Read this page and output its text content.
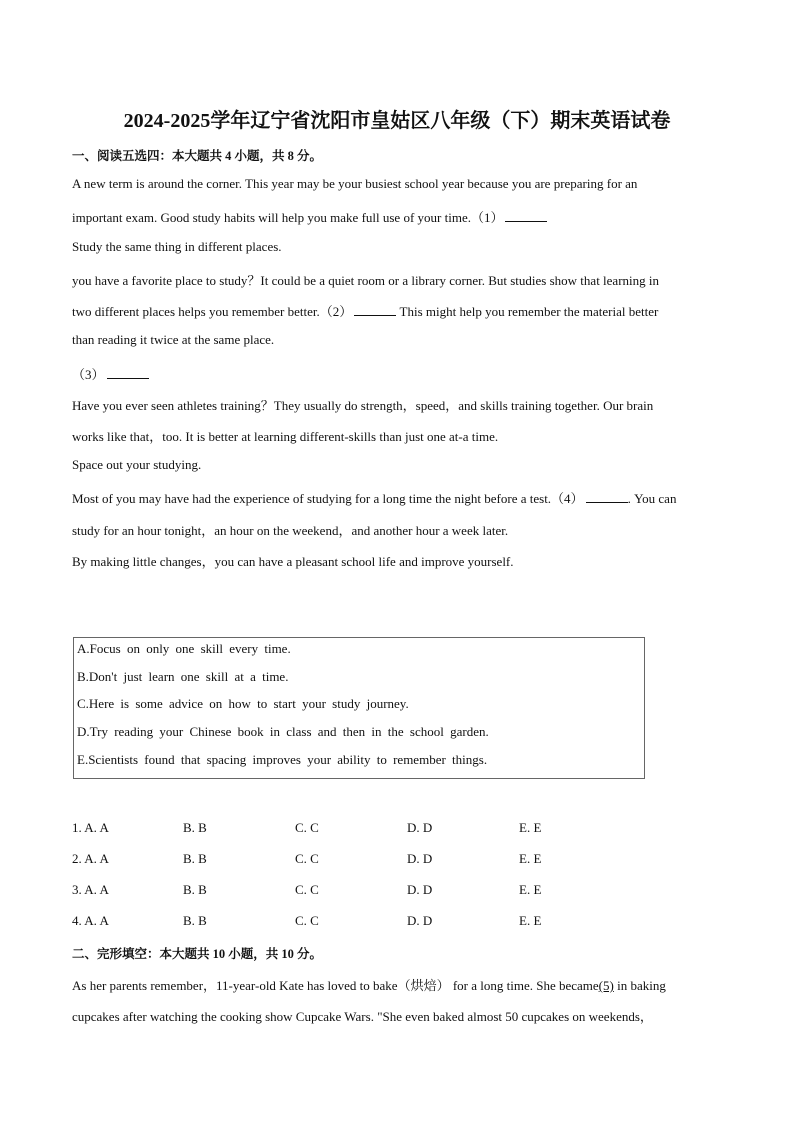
2024-2025学年辽宁省沈阳市皇姑区八年级（下）期末英语试卷
一、阅读五选四：本大题共 4 小题，共 8 分。
A new term is around the corner. This year may be your busiest school year because you are preparing for an
important exam. Good study habits will help you make full use of your time.（1）
Study the same thing in different places.
you have a favorite place to study？It could be a quiet room or a library corner. But studies show that learning in
two different places helps you remember better.（2）	This might help you remember the material better
than reading it twice at the same place.
（3）
Have you ever seen athletes training？They usually do strength，speed，and skills training together. Our brain
works like that，too. It is better at learning different-skills than just one at-a time.
Space out your studying.
Most of you may have had the experience of studying for a long time the night before a test.（4）	. You can
study for an hour tonight，an hour on the weekend，and another hour a week later.
By making little changes，you can have a pleasant school life and improve yourself.
A.Focus on only one skill every time.
B.Don't just learn one skill at a time.
C.Here is some advice on how to start your study journey.
D.Try reading your Chinese book in class and then in the school garden.
E.Scientists found that spacing improves your ability to remember things.
1. A. A	B. B	C. C	D. D	E. E
2. A. A	B. B	C. C	D. D	E. E
3. A. A	B. B	C. C	D. D	E. E
4. A. A	B. B	C. C	D. D	E. E
二、完形填空：本大题共 10 小题，共 10 分。
As her parents remember，11-year-old Kate has loved to bake（烘焙） for a long time. She became(5) in baking
cupcakes after watching the cooking show Cupcake Wars. "She even baked almost 50 cupcakes on weekends，
